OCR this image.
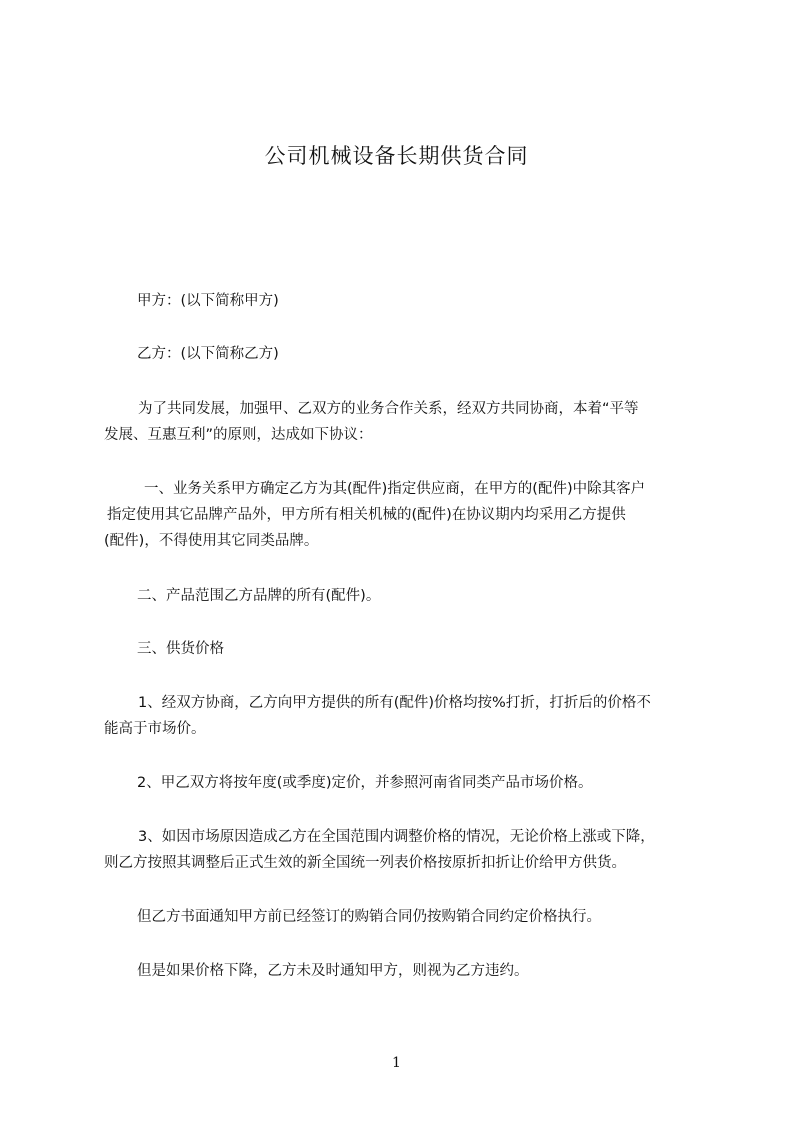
公司机械设备长期供货合同
甲方：(以下简称甲方)
乙方：(以下简称乙方)
为了共同发展，加强甲、乙双方的业务合作关系，经双方共同协商，本着“平等
发展、互惠互利”的原则，达成如下协议：
一、业务关系甲方确定乙方为其(配件)指定供应商，在甲方的(配件)中除其客户
指定使用其它品牌产品外，甲方所有相关机械的(配件)在协议期内均采用乙方提供
(配件)，不得使用其它同类品牌。
二、产品范围乙方品牌的所有(配件)。
三、供货价格
1、经双方协商，乙方向甲方提供的所有(配件)价格均按%打折，打折后的价格不
能高于市场价。
2、甲乙双方将按年度(或季度)定价，并参照河南省同类产品市场价格。
3、如因市场原因造成乙方在全国范围内调整价格的情况，无论价格上涨或下降，
则乙方按照其调整后正式生效的新全国统一列表价格按原折扣折让价给甲方供货。
但乙方书面通知甲方前已经签订的购销合同仍按购销合同约定价格执行。
但是如果价格下降，乙方未及时通知甲方，则视为乙方违约。
1
